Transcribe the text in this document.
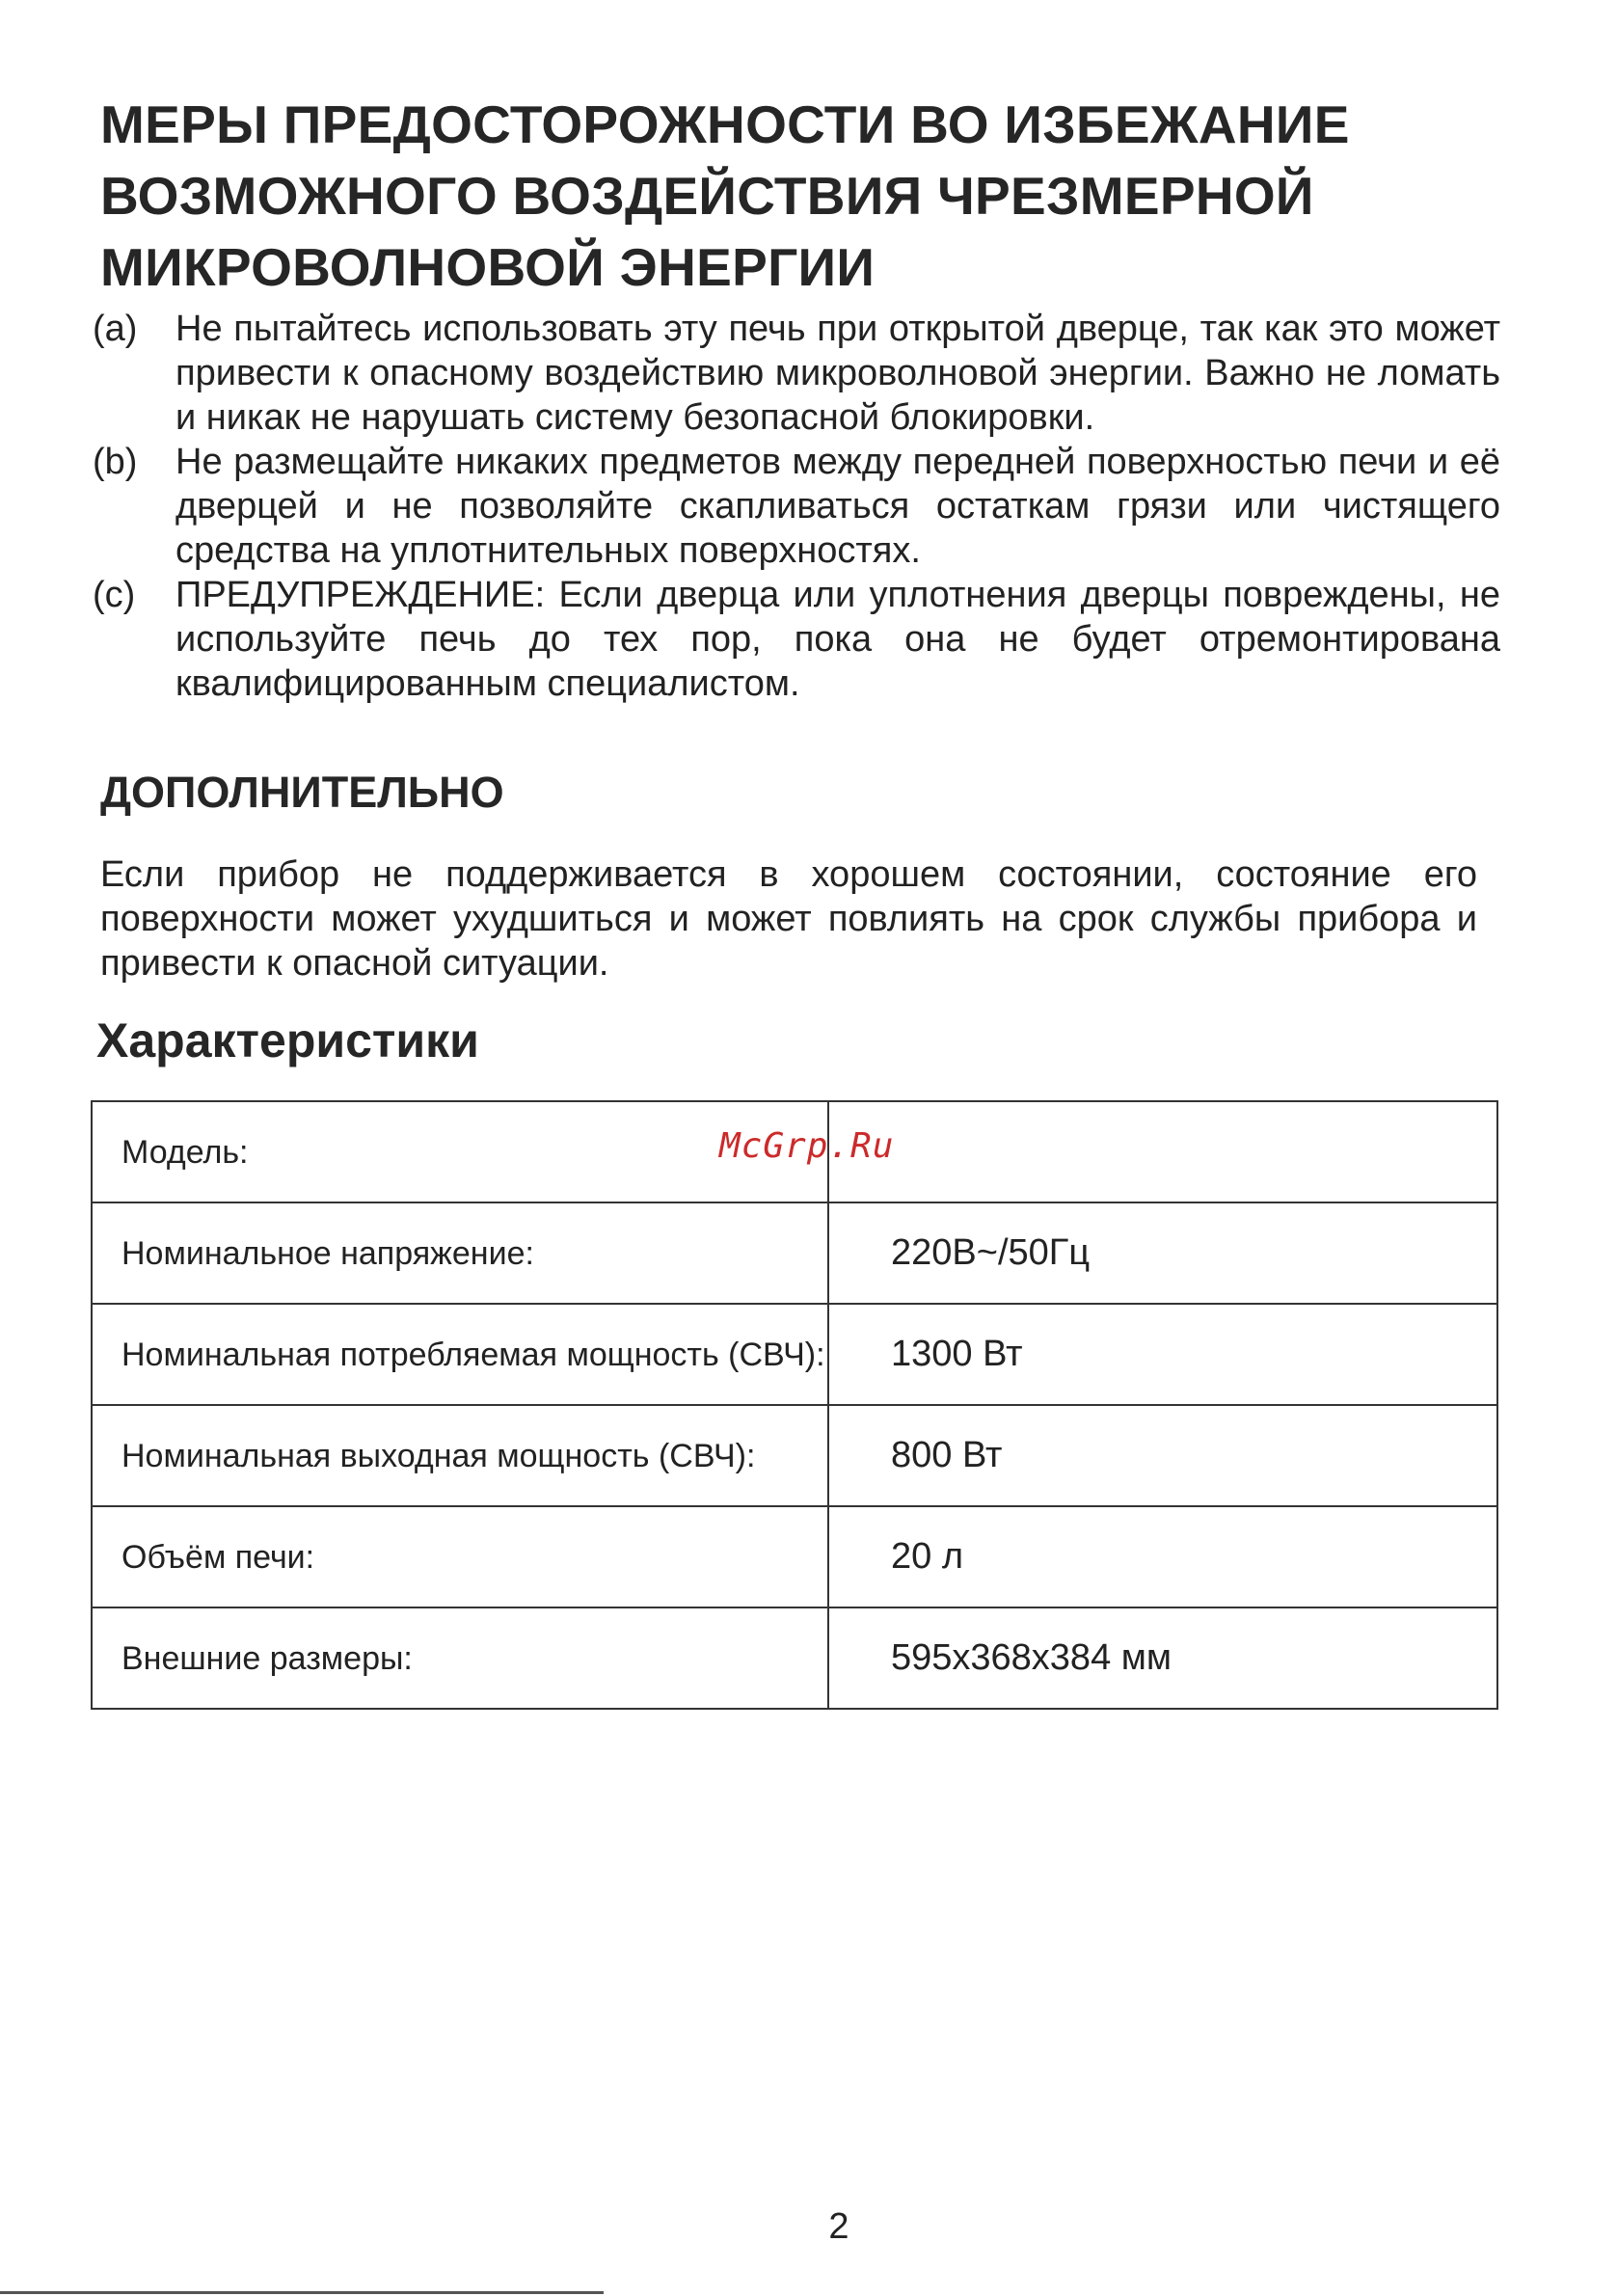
МЕРЫ ПРЕДОСТОРОЖНОСТИ ВО ИЗБЕЖАНИЕ
ВОЗМОЖНОГО ВОЗДЕЙСТВИЯ ЧРЕЗМЕРНОЙ
МИКРОВОЛНОВОЙ ЭНЕРГИИ

(a) Не пытайтесь использовать эту печь при открытой дверце, так как это может привести к опасному воздействию микроволновой энергии. Важно не ломать и никак не нарушать систему безопасной блокировки.

(b) Не размещайте никаких предметов между передней поверхностью печи и её дверцей и не позволяйте скапливаться остаткам грязи или чистящего средства на уплотнительных поверхностях.

(c) ПРЕДУПРЕЖДЕНИЕ: Если дверца или уплотнения дверцы повреждены, не используйте печь до тех пор, пока она не будет отремонтирована квалифицированным специалистом.

ДОПОЛНИТЕЛЬНО
Если прибор не поддерживается в хорошем состоянии, состояние его поверхности может ухудшиться и может повлиять на срок службы прибора и привести к опасной ситуации.
Характеристики
Модель:	
Номинальное напряжение:	220В~/50Гц
Номинальная потребляемая мощность (СВЧ):	1300 Вт
Номинальная выходная мощность (СВЧ):	800 Вт
Объём печи:	20 л
Внешние размеры:	595x368x384 мм
McGrp.Ru
2
